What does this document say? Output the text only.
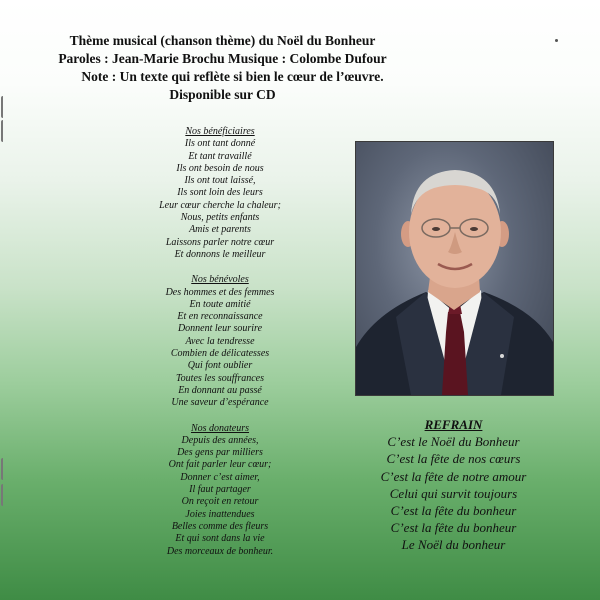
Thème musical (chanson thème) du Noël du Bonheur
Paroles : Jean-Marie Brochu Musique : Colombe Dufour
Note : Un texte qui reflète si bien le cœur de l’œuvre.
Disponible sur CD
Nos bénéficiaires
Ils ont tant donné
Et tant travaillé
Ils ont besoin de nous
Ils ont tout laissé,
Ils sont loin des leurs
Leur cœur cherche la chaleur;
Nous, petits enfants
Amis et parents
Laissons parler notre cœur
Et donnons le meilleur
Nos bénévoles
Des hommes et des femmes
En toute amitié
Et en reconnaissance
Donnent leur sourire
Avec la tendresse
Combien de délicatesses
Qui font oublier
Toutes les souffrances
En donnant au passé
Une saveur d’espérance
Nos donateurs
Depuis des années,
Des gens par milliers
Ont fait parler leur cœur;
Donner c’est aimer,
Il faut partager
On reçoit en retour
Joies inattendues
Belles comme des fleurs
Et qui sont dans la vie
Des morceaux de bonheur.
REFRAIN
C’est le Noël du Bonheur
C’est la fête de nos cœurs
C’est la fête de notre amour
Celui qui survit toujours
C’est la fête du bonheur
C’est la fête du bonheur
Le Noël du bonheur
